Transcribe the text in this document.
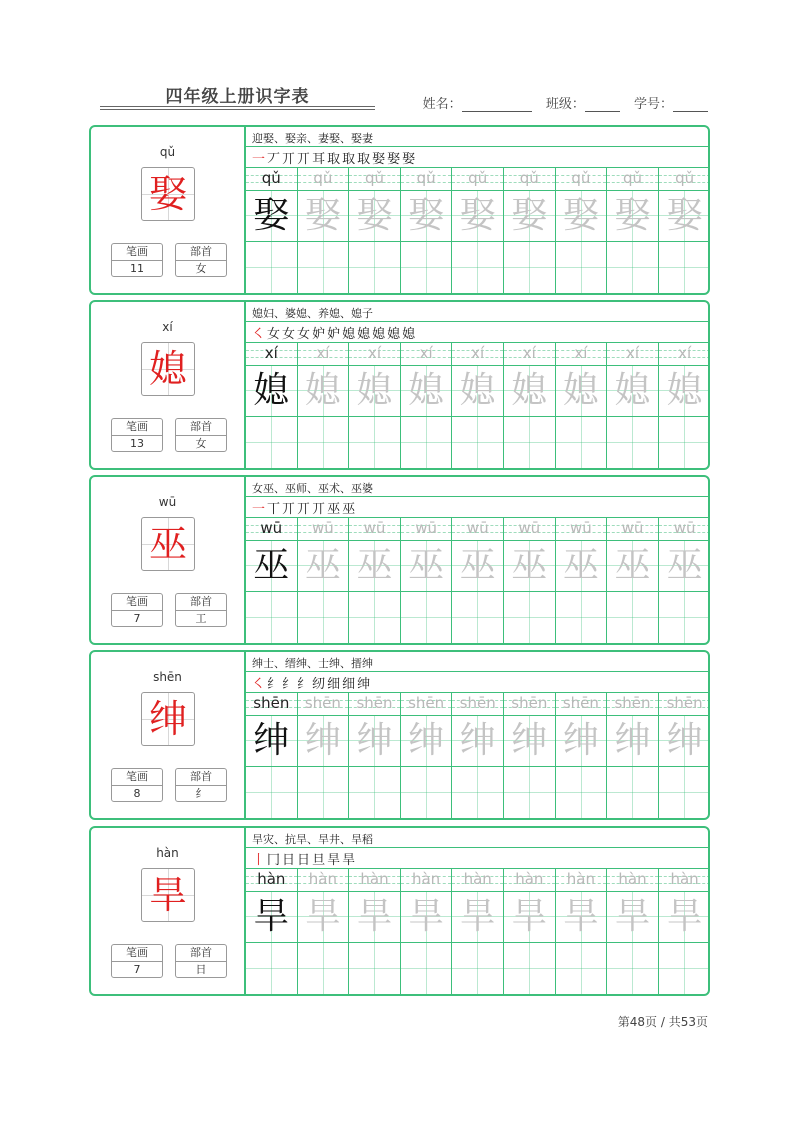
四年级上册识字表	姓名：	班级：	学号：
qǔ
娶
笔画
11
部首
女
迎娶、娶亲、妻娶、娶妻
一 丆 丌 丌 耳 取 取 取 娶 娶 娶
qǔ
娶
qǔ
娶
qǔ
娶
qǔ
娶
qǔ
娶
qǔ
娶
qǔ
娶
qǔ
娶
qǔ
娶
xí
媳
笔画
13
部首
女
媳妇、婆媳、养媳、媳子
㇛ 女 女 女 妒 妒 媳 媳 媳 媳 媳
xí
媳
xí
媳
xí
媳
xí
媳
xí
媳
xí
媳
xí
媳
xí
媳
xí
媳
wū
巫
笔画
7
部首
工
女巫、巫师、巫术、巫婆
一 丅 丌 丌 丌 巫 巫
wū
巫
wū
巫
wū
巫
wū
巫
wū
巫
wū
巫
wū
巫
wū
巫
wū
巫
shēn
绅
笔画
8
部首
纟
绅士、缙绅、士绅、搢绅
㇛ 纟 纟 纟 纫 细 细 绅
shēn
绅
shēn
绅
shēn
绅
shēn
绅
shēn
绅
shēn
绅
shēn
绅
shēn
绅
shēn
绅
hàn
旱
笔画
7
部首
日
旱灾、抗旱、旱井、旱稻
丨 冂 日 日 旦 旱 旱
hàn
旱
hàn
旱
hàn
旱
hàn
旱
hàn
旱
hàn
旱
hàn
旱
hàn
旱
hàn
旱
第48页 / 共53页
